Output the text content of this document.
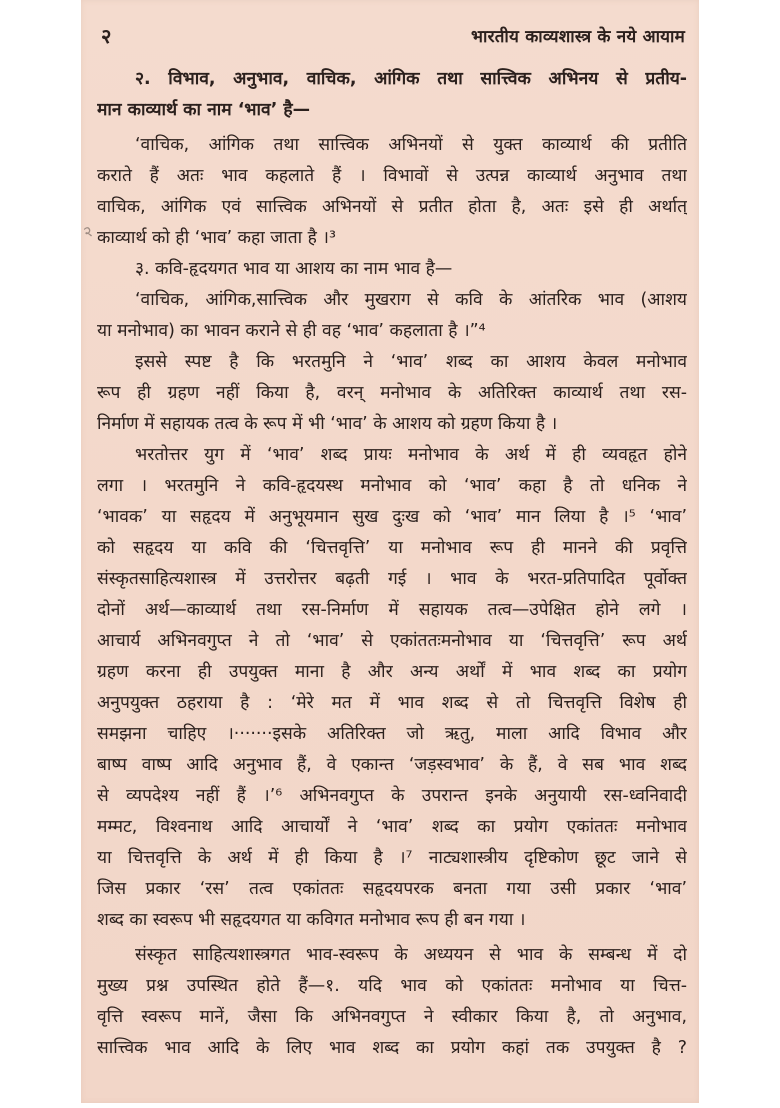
२	भारतीय काव्यशास्त्र के नये आयाम
२. विभाव, अनुभाव, वाचिक, आंगिक तथा सात्त्विक अभिनय से प्रतीय-
मान काव्यार्थ का नाम ‘भाव’ है—
‘वाचिक, आंगिक तथा सात्त्विक अभिनयों से युक्त काव्यार्थ की प्रतीति
कराते हैं अतः भाव कहलाते हैं । विभावों से उत्पन्न काव्यार्थ अनुभाव तथा
वाचिक, आंगिक एवं सात्त्विक अभिनयों से प्रतीत होता है, अतः इसे ही अर्थात्
काव्यार्थ को ही ‘भाव’ कहा जाता है ।³
३. कवि-हृदयगत भाव या आशय का नाम भाव है—
‘वाचिक, आंगिक,सात्त्विक और मुखराग से कवि के आंतरिक भाव (आशय
या मनोभाव) का भावन कराने से ही वह ‘भाव’ कहलाता है ।”⁴
इससे स्पष्ट है कि भरतमुनि ने ‘भाव’ शब्द का आशय केवल मनोभाव
रूप ही ग्रहण नहीं किया है, वरन् मनोभाव के अतिरिक्त काव्यार्थ तथा रस-
निर्माण में सहायक तत्व के रूप में भी ‘भाव’ के आशय को ग्रहण किया है ।
भरतोत्तर युग में ‘भाव’ शब्द प्रायः मनोभाव के अर्थ में ही व्यवहृत होने
लगा । भरतमुनि ने कवि-हृदयस्थ मनोभाव को ‘भाव’ कहा है तो धनिक ने
‘भावक’ या सहृदय में अनुभूयमान सुख दुःख को ‘भाव’ मान लिया है ।⁵ ‘भाव’
को सहृदय या कवि की ‘चित्तवृत्ति’ या मनोभाव रूप ही मानने की प्रवृत्ति
संस्कृतसाहित्यशास्त्र में उत्तरोत्तर बढ़ती गई । भाव के भरत-प्रतिपादित पूर्वोक्त
दोनों अर्थ—काव्यार्थ तथा रस-निर्माण में सहायक तत्व—उपेक्षित होने लगे ।
आचार्य अभिनवगुप्त ने तो ‘भाव’ से एकांततःमनोभाव या ‘चित्तवृत्ति’ रूप अर्थ
ग्रहण करना ही उपयुक्त माना है और अन्य अर्थों में भाव शब्द का प्रयोग
अनुपयुक्त ठहराया है : ‘मेरे मत में भाव शब्द से तो चित्तवृत्ति विशेष ही
समझना चाहिए ।·······इसके अतिरिक्त जो ऋतु, माला आदि विभाव और
बाष्प वाष्प आदि अनुभाव हैं, वे एकान्त ‘जड़स्वभाव’ के हैं, वे सब भाव शब्द
से व्यपदेश्य नहीं हैं ।’⁶ अभिनवगुप्त के उपरान्त इनके अनुयायी रस-ध्वनिवादी
मम्मट, विश्वनाथ आदि आचार्यों ने ‘भाव’ शब्द का प्रयोग एकांततः मनोभाव
या चित्तवृत्ति के अर्थ में ही किया है ।⁷ नाट्यशास्त्रीय दृष्टिकोण छूट जाने से
जिस प्रकार ‘रस’ तत्व एकांततः सहृदयपरक बनता गया उसी प्रकार ‘भाव’
शब्द का स्वरूप भी सहृदयगत या कविगत मनोभाव रूप ही बन गया ।
संस्कृत साहित्यशास्त्रगत भाव-स्वरूप के अध्ययन से भाव के सम्बन्ध में दो
मुख्य प्रश्न उपस्थित होते हैं—१. यदि भाव को एकांततः मनोभाव या चित्त-
वृत्ति स्वरूप मानें, जैसा कि अभिनवगुप्त ने स्वीकार किया है, तो अनुभाव,
सात्त्विक भाव आदि के लिए भाव शब्द का प्रयोग कहां तक उपयुक्त है ?
२
